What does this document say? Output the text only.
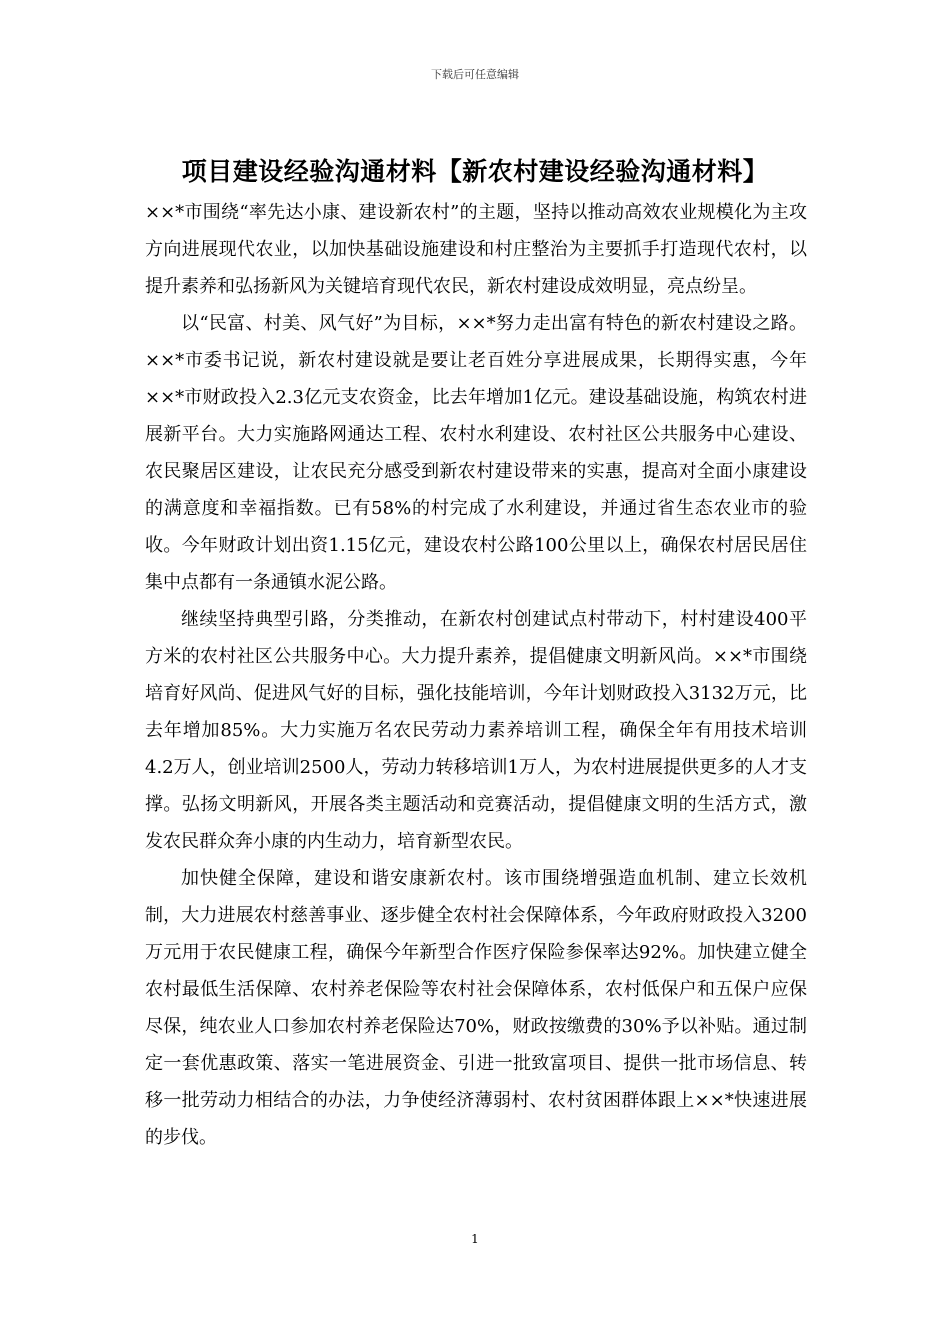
下载后可任意编辑
项目建设经验沟通材料【新农村建设经验沟通材料】

××*市围绕“率先达小康、建设新农村”的主题，坚持以推动高效农业规模化为主攻方向进展现代农业，以加快基础设施建设和村庄整治为主要抓手打造现代农村，以提升素养和弘扬新风为关键培育现代农民，新农村建设成效明显，亮点纷呈。

以“民富、村美、风气好”为目标，××*努力走出富有特色的新农村建设之路。××*市委书记说，新农村建设就是要让老百姓分享进展成果，长期得实惠，今年××*市财政投入2.3亿元支农资金，比去年增加1亿元。建设基础设施，构筑农村进展新平台。大力实施路网通达工程、农村水利建设、农村社区公共服务中心建设、农民聚居区建设，让农民充分感受到新农村建设带来的实惠，提高对全面小康建设的满意度和幸福指数。已有58%的村完成了水利建设，并通过省生态农业市的验收。今年财政计划出资1.15亿元，建设农村公路100公里以上，确保农村居民居住集中点都有一条通镇水泥公路。

继续坚持典型引路，分类推动，在新农村创建试点村带动下，村村建设400平方米的农村社区公共服务中心。大力提升素养，提倡健康文明新风尚。××*市围绕培育好风尚、促进风气好的目标，强化技能培训，今年计划财政投入3132万元，比去年增加85%。大力实施万名农民劳动力素养培训工程，确保全年有用技术培训4.2万人，创业培训2500人，劳动力转移培训1万人，为农村进展提供更多的人才支撑。弘扬文明新风，开展各类主题活动和竞赛活动，提倡健康文明的生活方式，激发农民群众奔小康的内生动力，培育新型农民。

加快健全保障，建设和谐安康新农村。该市围绕增强造血机制、建立长效机制，大力进展农村慈善事业、逐步健全农村社会保障体系，今年政府财政投入3200万元用于农民健康工程，确保今年新型合作医疗保险参保率达92%。加快建立健全农村最低生活保障、农村养老保险等农村社会保障体系，农村低保户和五保户应保尽保，纯农业人口参加农村养老保险达70%，财政按缴费的30%予以补贴。通过制定一套优惠政策、落实一笔进展资金、引进一批致富项目、提供一批市场信息、转移一批劳动力相结合的办法，力争使经济薄弱村、农村贫困群体跟上××*快速进展的步伐。

1
